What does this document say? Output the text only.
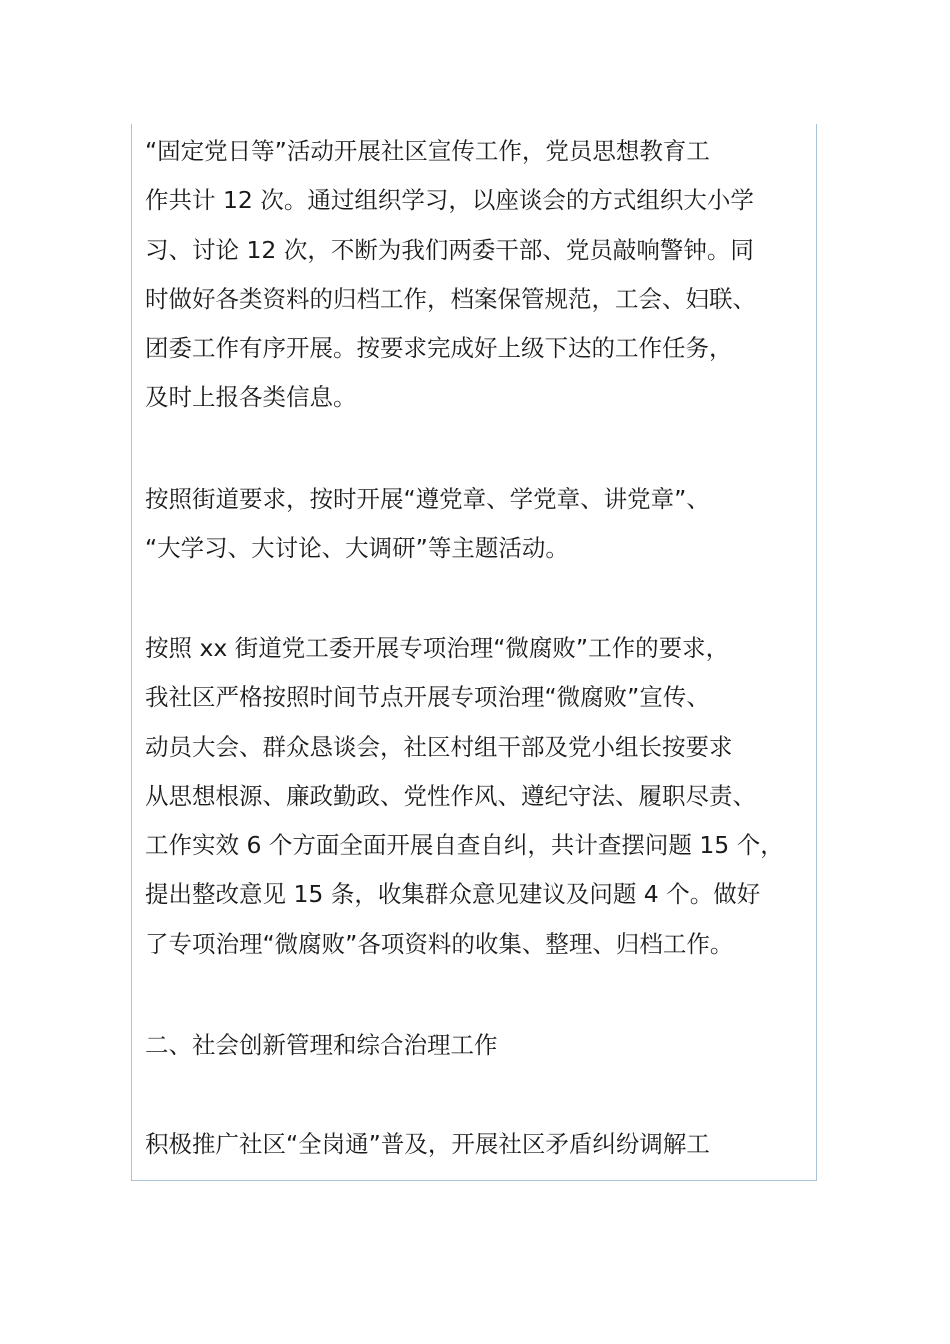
“固定党日等”活动开展社区宣传工作，党员思想教育工
作共计 12 次。通过组织学习，以座谈会的方式组织大小学
习、讨论 12 次，不断为我们两委干部、党员敲响警钟。同
时做好各类资料的归档工作，档案保管规范，工会、妇联、
团委工作有序开展。按要求完成好上级下达的工作任务，
及时上报各类信息。
按照街道要求，按时开展“遵党章、学党章、讲党章”、
“大学习、大讨论、大调研”等主题活动。
按照 xx 街道党工委开展专项治理“微腐败”工作的要求，
我社区严格按照时间节点开展专项治理“微腐败”宣传、
动员大会、群众恳谈会，社区村组干部及党小组长按要求
从思想根源、廉政勤政、党性作风、遵纪守法、履职尽责、
工作实效 6 个方面全面开展自查自纠，共计查摆问题 15 个，
提出整改意见 15 条，收集群众意见建议及问题 4 个。做好
了专项治理“微腐败”各项资料的收集、整理、归档工作。
二、社会创新管理和综合治理工作
积极推广社区“全岗通”普及，开展社区矛盾纠纷调解工
